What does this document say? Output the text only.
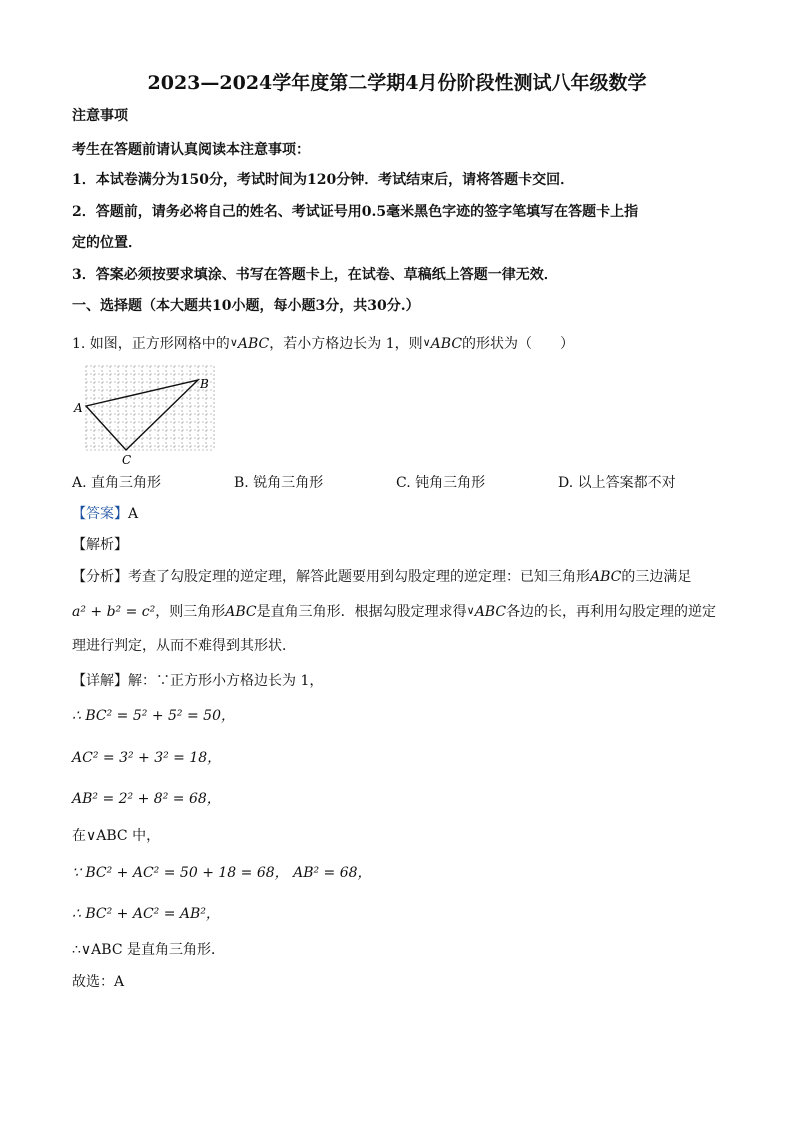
2023—2024学年度第二学期4月份阶段性测试八年级数学
注意事项
考生在答题前请认真阅读本注意事项：
1．本试卷满分为150分，考试时间为120分钟．考试结束后，请将答题卡交回．
2．答题前，请务必将自己的姓名、考试证号用0.5毫米黑色字迹的签字笔填写在答题卡上指
定的位置．
3．答案必须按要求填涂、书写在答题卡上，在试卷、草稿纸上答题一律无效．
一、选择题（本大题共10小题，每小题3分，共30分.）
1. 如图，正方形网格中的∨ABC，若小方格边长为 1，则∨ABC的形状为（　　）
A
B
C
A. 直角三角形	B. 锐角三角形	C. 钝角三角形	D. 以上答案都不对
【答案】A
【解析】
【分析】考查了勾股定理的逆定理，解答此题要用到勾股定理的逆定理：已知三角形ABC的三边满足
a² + b² = c²，则三角形ABC是直角三角形．根据勾股定理求得∨ABC各边的长，再利用勾股定理的逆定
理进行判定，从而不难得到其形状．
【详解】解：∵正方形小方格边长为 1，
∴ BC² = 5² + 5² = 50，
AC² = 3² + 3² = 18，
AB² = 2² + 8² = 68，
在∨ABC 中，
∵ BC² + AC² = 50 + 18 = 68， AB² = 68，
∴ BC² + AC² = AB²，
∴∨ABC 是直角三角形．
故选：A
